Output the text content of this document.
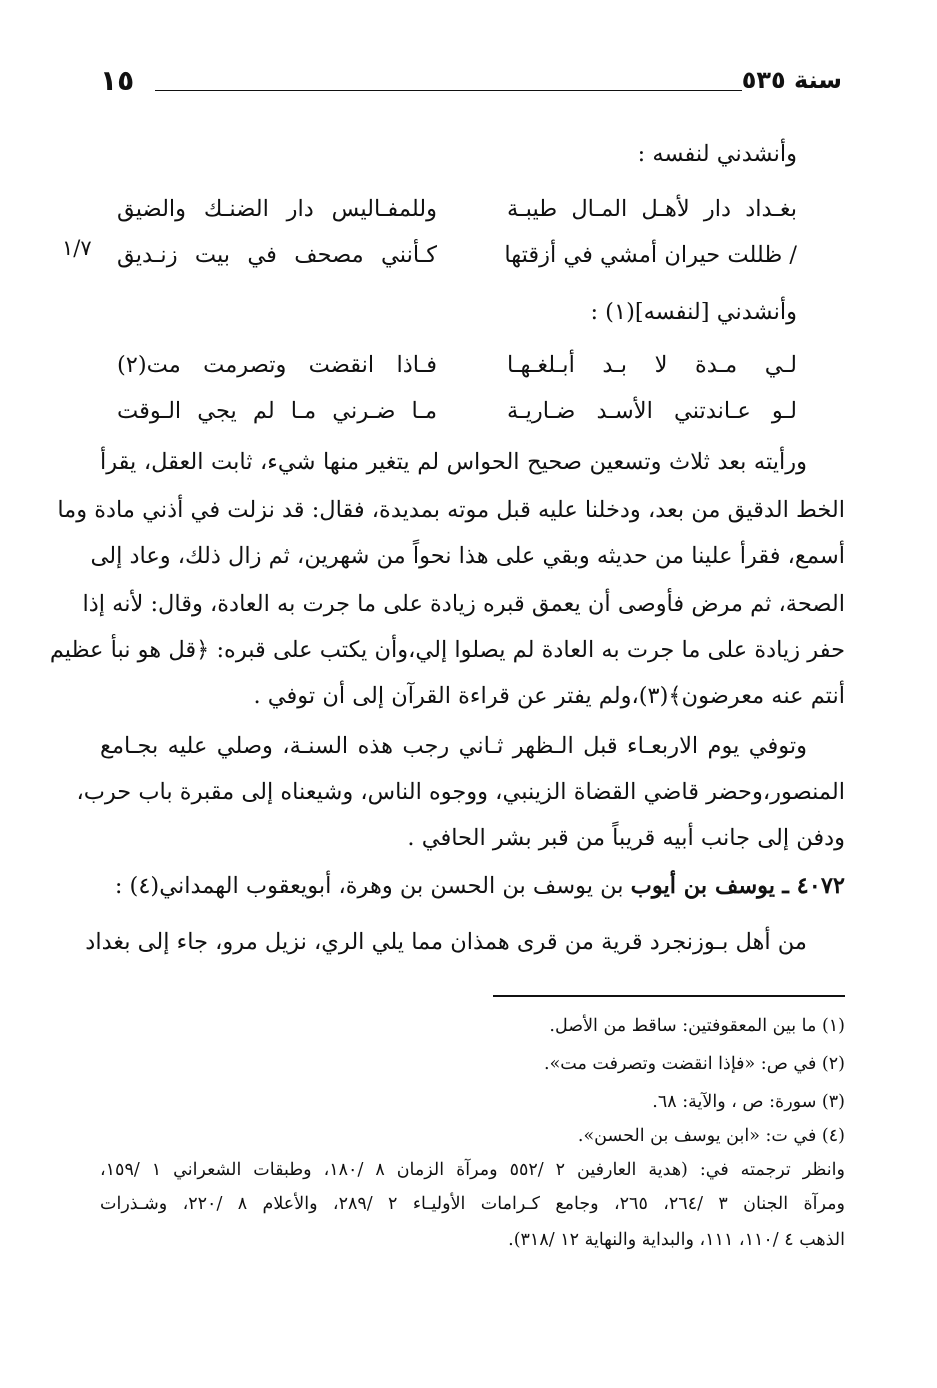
سنة ٥٣٥
١٥
١/٧
وأنشدني لنفسه :
بغـداد دار لأهـل المـال طيبـة
وللمفـاليس دار الضنـك والضيق
/ ظللت حيران أمشي في أزقتها
كـأنني مصحف في بيت زنـديق
وأنشدني [لنفسه](١) :
لـي مـدة لا بـد أبـلغـهـا
فـاذا انقضت وتصرمت مت(٢)
لـو عـاندتني الأسـد ضـاريـة
مـا ضـرني مـا لم يجي الـوقت
ورأيته بعد ثلاث وتسعين صحيح الحواس لم يتغير منها شيء، ثابت العقل، يقرأ
الخط الدقيق من بعد، ودخلنا عليه قبل موته بمديدة، فقال: قد نزلت في أذني مادة وما
أسمع، فقرأ علينا من حديثه وبقي على هذا نحواً من شهرين، ثم زال ذلك، وعاد إلى
الصحة، ثم مرض فأوصى أن يعمق قبره زيادة على ما جرت به العادة، وقال: لأنه إذا
حفر زيادة على ما جرت به العادة لم يصلوا إلي،وأن يكتب على قبره: ﴿قل هو نبأ عظيم
أنتم عنه معرضون﴾(٣)،ولم يفتر عن قراءة القرآن إلى أن توفي .
وتوفي يوم الاربعـاء قبل الـظهر ثـاني رجب هذه السنـة، وصلي عليه بجـامع
المنصور،وحضر قاضي القضاة الزينبي، ووجوه الناس، وشيعناه إلى مقبرة باب حرب،
ودفن إلى جانب أبيه قريباً من قبر بشر الحافي .
٤٠٧٢ ـ يوسف بن أيوب بن يوسف بن الحسن بن وهرة، أبويعقوب الهمداني(٤) :
من أهل بـوزنجرد قرية من قرى همذان مما يلي الري، نزيل مرو، جاء إلى بغداد
(١) ما بين المعقوفتين: ساقط من الأصل.
(٢) في ص: «فإذا انقضت وتصرفت مت».
(٣) سورة: ص ، والآية: ٦٨.
(٤) في ت: «ابن يوسف بن الحسن».
وانظر ترجمته في: (هدية العارفين ٢ /٥٥٢ ومرآة الزمان ٨ /١٨٠، وطبقات الشعراني ١ /١٥٩،
ومرآة الجنان ٣ /٢٦٤، ٢٦٥، وجامع كـرامات الأوليـاء ٢ /٢٨٩، والأعلام ٨ /٢٢٠، وشـذرات
الذهب ٤ /١١٠، ١١١، والبداية والنهاية ١٢ /٣١٨).
